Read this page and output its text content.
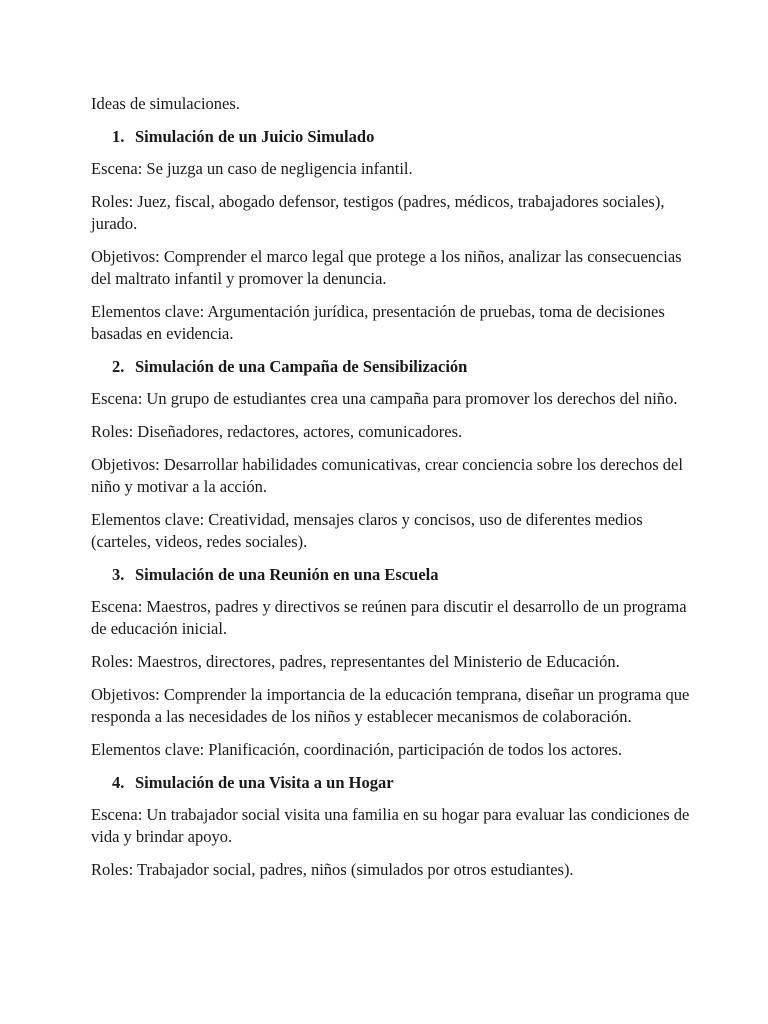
Ideas de simulaciones.

1. Simulación de un Juicio Simulado

Escena: Se juzga un caso de negligencia infantil.

Roles: Juez, fiscal, abogado defensor, testigos (padres, médicos, trabajadores sociales), jurado.

Objetivos: Comprender el marco legal que protege a los niños, analizar las consecuencias del maltrato infantil y promover la denuncia.

Elementos clave: Argumentación jurídica, presentación de pruebas, toma de decisiones basadas en evidencia.

2. Simulación de una Campaña de Sensibilización

Escena: Un grupo de estudiantes crea una campaña para promover los derechos del niño.

Roles: Diseñadores, redactores, actores, comunicadores.

Objetivos: Desarrollar habilidades comunicativas, crear conciencia sobre los derechos del niño y motivar a la acción.

Elementos clave: Creatividad, mensajes claros y concisos, uso de diferentes medios (carteles, videos, redes sociales).

3. Simulación de una Reunión en una Escuela

Escena: Maestros, padres y directivos se reúnen para discutir el desarrollo de un programa de educación inicial.

Roles: Maestros, directores, padres, representantes del Ministerio de Educación.

Objetivos: Comprender la importancia de la educación temprana, diseñar un programa que responda a las necesidades de los niños y establecer mecanismos de colaboración.

Elementos clave: Planificación, coordinación, participación de todos los actores.

4. Simulación de una Visita a un Hogar

Escena: Un trabajador social visita una familia en su hogar para evaluar las condiciones de vida y brindar apoyo.

Roles: Trabajador social, padres, niños (simulados por otros estudiantes).
